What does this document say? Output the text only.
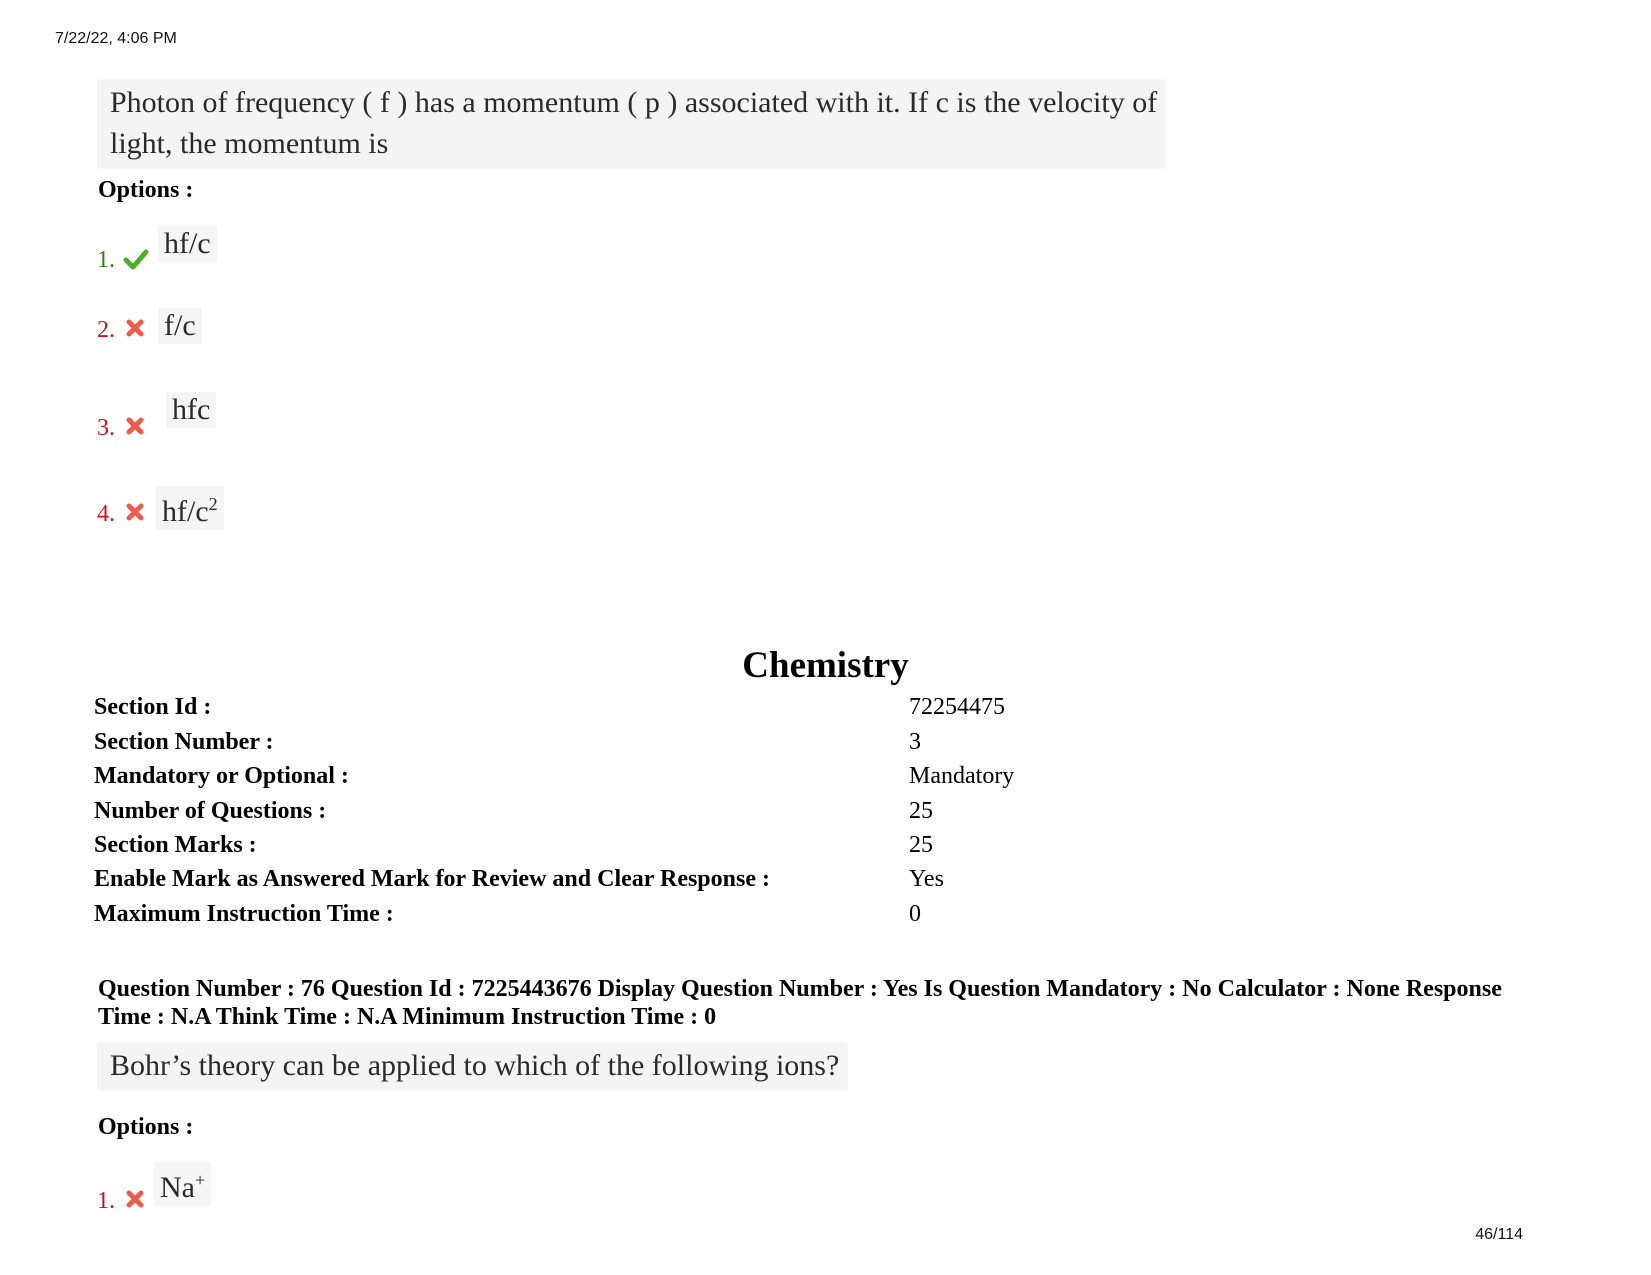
7/22/22, 4:06 PM
Photon of frequency ( f ) has a momentum ( p ) associated with it. If c is the velocity of
light, the momentum is
Options :
1. hf/c
2. f/c
3.
hfc
4. $hf/c^2$
Chemistry
Section Id :	72254475
Section Number :	3
Mandatory or Optional :	Mandatory
Number of Questions :	25
Section Marks :	25
Enable Mark as Answered Mark for Review and Clear Response :	Yes
Maximum Instruction Time :	0
Question Number : 76 Question Id : 7225443676 Display Question Number : Yes Is Question Mandatory : No Calculator : None Response
Time : N.A Think Time : N.A Minimum Instruction Time : 0
Bohr’s theory can be applied to which of the following ions?
Options :
1. Na+
46/114
